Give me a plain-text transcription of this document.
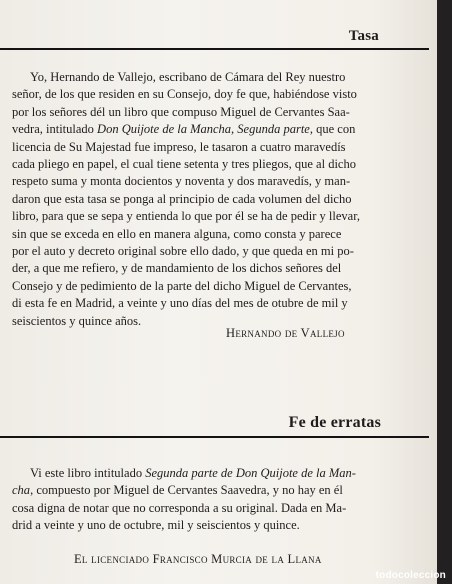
Tasa
Yo, Hernando de Vallejo, escribano de Cámara del Rey nuestro
señor, de los que residen en su Consejo, doy fe que, habiéndose visto
por los señores dél un libro que compuso Miguel de Cervantes Saa-
vedra, intitulado Don Quijote de la Mancha, Segunda parte, que con
licencia de Su Majestad fue impreso, le tasaron a cuatro maravedís
cada pliego en papel, el cual tiene setenta y tres pliegos, que al dicho
respeto suma y monta docientos y noventa y dos maravedís, y man-
daron que esta tasa se ponga al principio de cada volumen del dicho
libro, para que se sepa y entienda lo que por él se ha de pedir y llevar,
sin que se exceda en ello en manera alguna, como consta y parece
por el auto y decreto original sobre ello dado, y que queda en mi po-
der, a que me refiero, y de mandamiento de los dichos señores del
Consejo y de pedimiento de la parte del dicho Miguel de Cervantes,
di esta fe en Madrid, a veinte y uno días del mes de otubre de mil y
seiscientos y quince años.
Hernando de Vallejo
Fe de erratas
Vi este libro intitulado Segunda parte de Don Quijote de la Man-
cha, compuesto por Miguel de Cervantes Saavedra, y no hay en él
cosa digna de notar que no corresponda a su original. Dada en Ma-
drid a veinte y uno de octubre, mil y seiscientos y quince.
El licenciado Francisco Murcia de la Llana
todocoleccion
